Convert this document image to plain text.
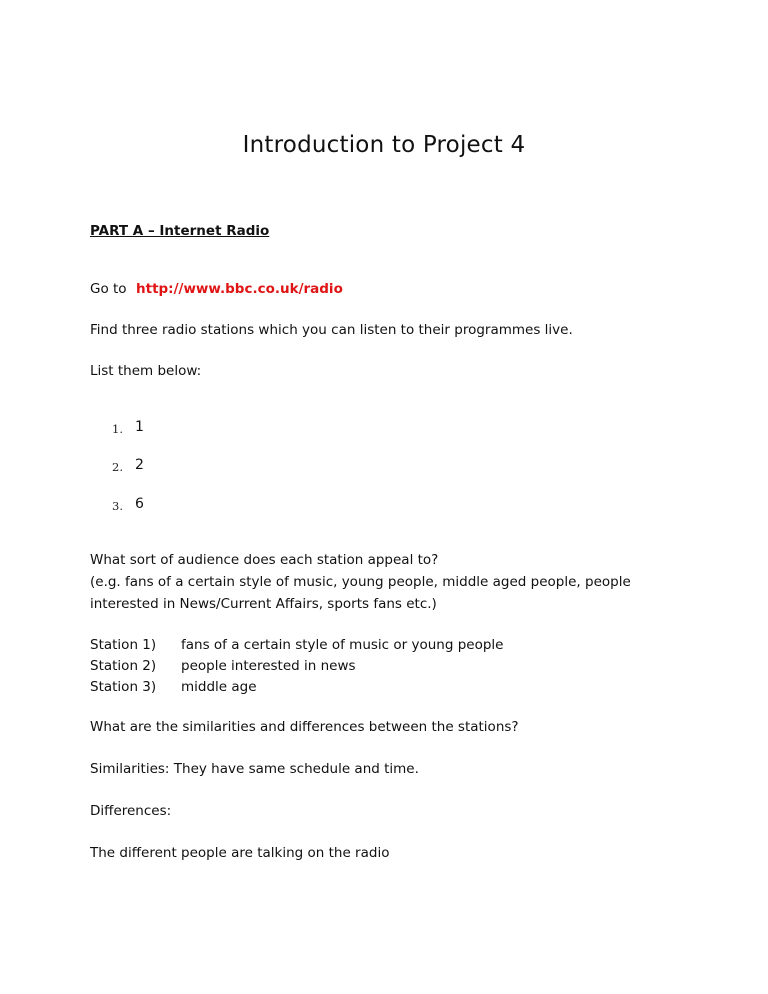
Introduction to Project 4
PART A – Internet Radio
Go to http://www.bbc.co.uk/radio
Find three radio stations which you can listen to their programmes live.
List them below:
1. 1
2. 2
3. 6
What sort of audience does each station appeal to?
(e.g. fans of a certain style of music, young people, middle aged people, people
interested in News/Current Affairs, sports fans etc.)
Station 1) fans of a certain style of music or young people
Station 2) people interested in news
Station 3) middle age
What are the similarities and differences between the stations?
Similarities: They have same schedule and time.
Differences:
The different people are talking on the radio
